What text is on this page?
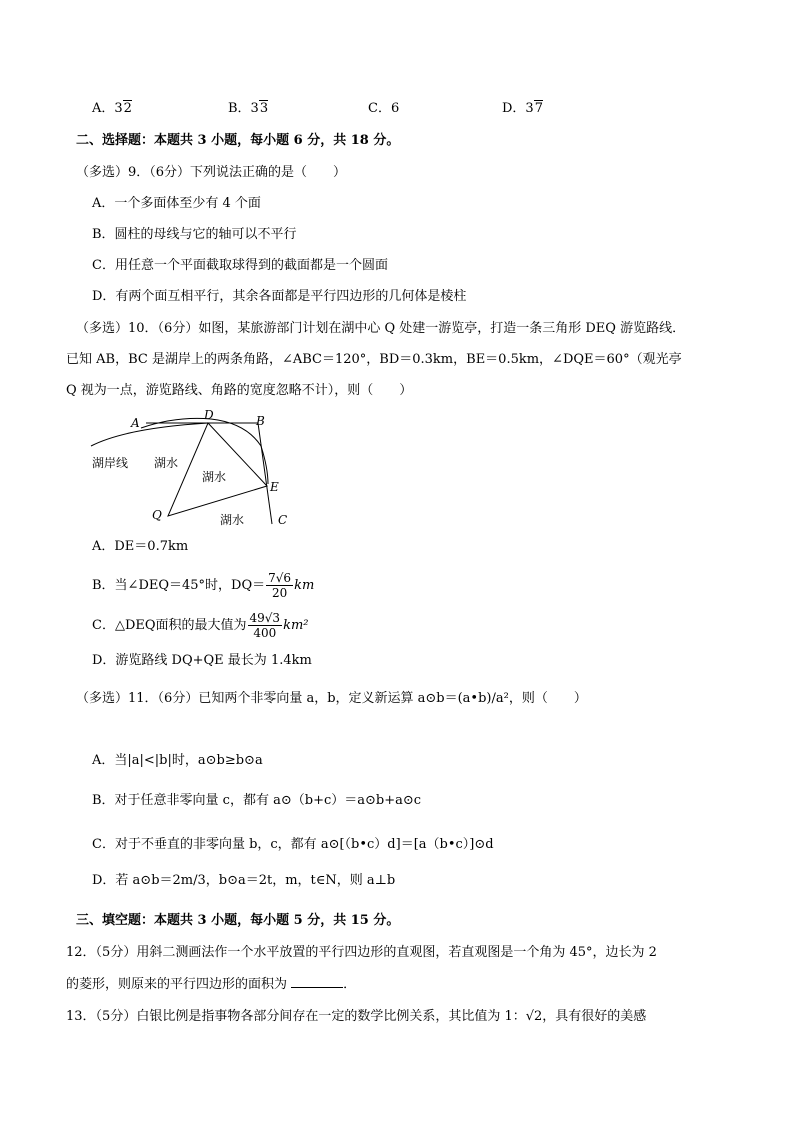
A．32	B．33	C．6	D．37
二、选择题：本题共 3 小题，每小题 6 分，共 18 分。
（多选）9．（6分）下列说法正确的是（　　）
A．一个多面体至少有 4 个面
B．圆柱的母线与它的轴可以不平行
C．用任意一个平面截取球得到的截面都是一个圆面
D．有两个面互相平行，其余各面都是平行四边形的几何体是棱柱
（多选）10．（6分）如图，某旅游部门计划在湖中心 Q 处建一游览亭，打造一条三角形 DEQ 游览路线．
已知 AB，BC 是湖岸上的两条角路，∠ABC＝120°，BD＝0.3km，BE＝0.5km，∠DQE＝60°（观光亭
Q 视为一点，游览路线、角路的宽度忽略不计），则（　　）
A
D	B
E
C
Q
湖岸线 湖水
湖水
湖水
A．DE＝0.7km
B．当∠DEQ＝45°时，$DQ= \frac{7√6}{20}$ km
C．△DEQ面积的最大值为 $\frac{49√3}{400} km^2$
D．游览路线 DQ+QE 最长为 1.4km
（多选）11．（6分）已知两个非零向量 a，b，定义新运算 a⊙b＝(a•b)/a²，则（　　）
A．当|a|<|b|时，a⊙b≥b⊙a
B．对于任意非零向量 c，都有 a⊙（b+c）＝a⊙b+a⊙c
C．对于不垂直的非零向量 b，c，都有 a⊙[（b•c）d]＝[a（b•c）]⊙d
D．若 a⊙b＝2m/3，b⊙a＝2t，m，t∈N，则 a⊥b
三、填空题：本题共 3 小题，每小题 5 分，共 15 分。
12．（5分）用斜二测画法作一个水平放置的平行四边形的直观图，若直观图是一个角为 45°，边长为 2
的菱形，则原来的平行四边形的面积为	．
13．（5分）白银比例是指事物各部分间存在一定的数学比例关系，其比值为 1：√2，具有很好的美感
